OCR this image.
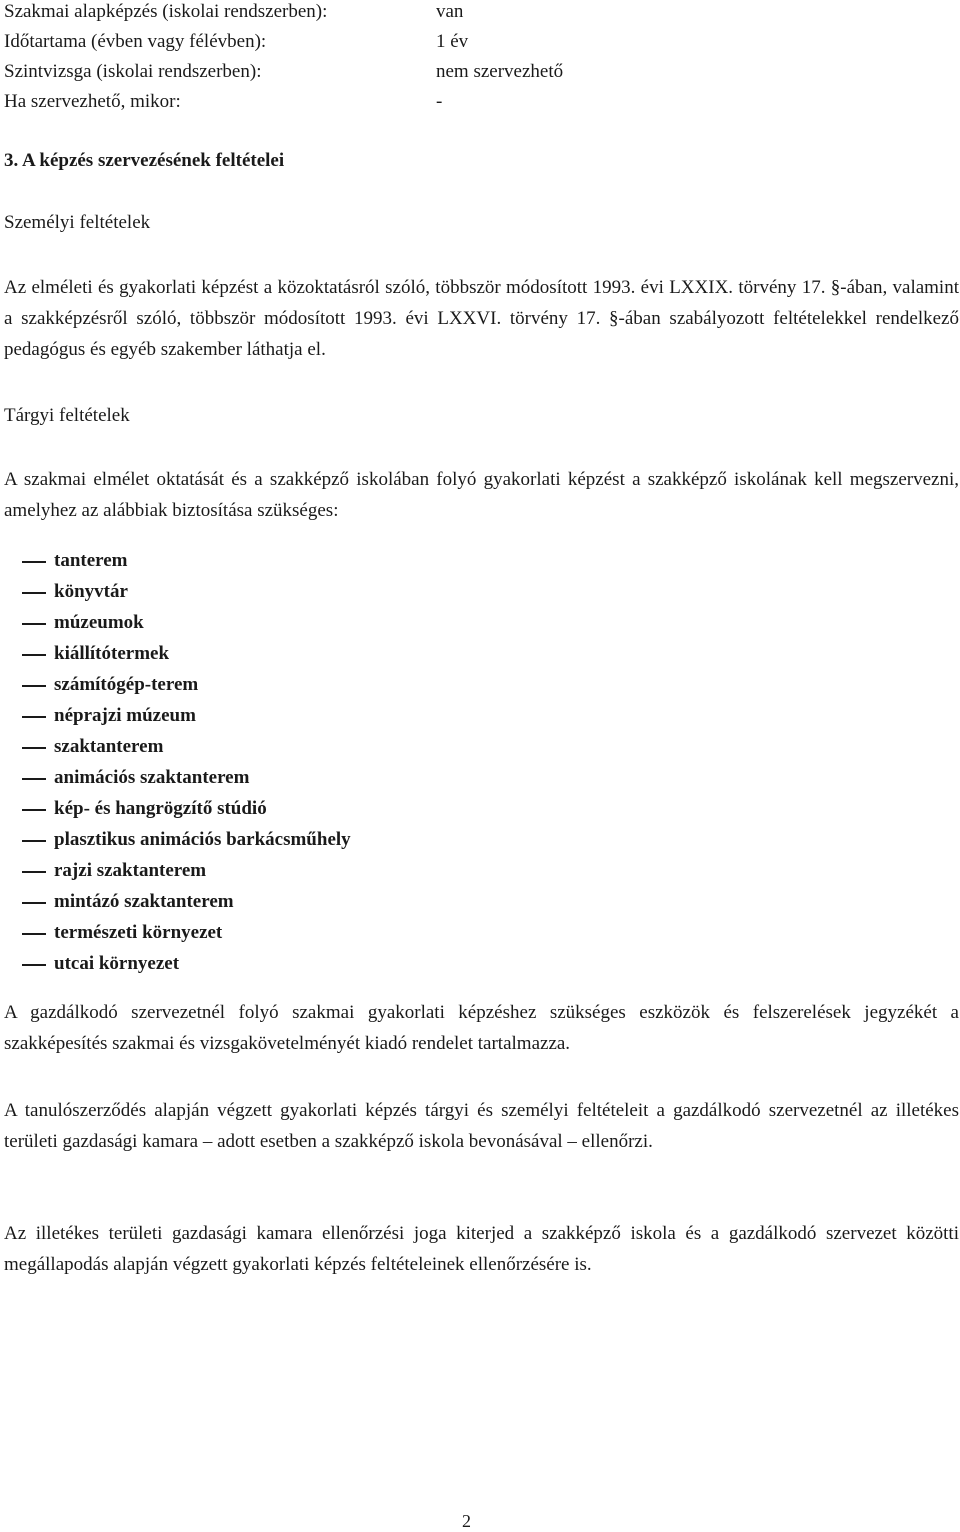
Szakmai alapképzés (iskolai rendszerben):	van
Időtartama (évben vagy félévben):	1 év
Szintvizsga (iskolai rendszerben):	nem szervezhető
Ha szervezhető, mikor:	-
3. A képzés szervezésének feltételei
Személyi feltételek
Az elméleti és gyakorlati képzést a közoktatásról szóló, többször módosított 1993. évi LXXIX. törvény 17. §-ában, valamint a szakképzésről szóló, többször módosított 1993. évi LXXVI. törvény 17. §-ában szabályozott feltételekkel rendelkező pedagógus és egyéb szakember láthatja el.
Tárgyi feltételek
A szakmai elmélet oktatását és a szakképző iskolában folyó gyakorlati képzést a szakképző iskolának kell megszervezni, amelyhez az alábbiak biztosítása szükséges:
tanterem
könyvtár
múzeumok
kiállítótermek
számítógép-terem
néprajzi múzeum
szaktanterem
animációs szaktanterem
kép- és hangrögzítő stúdió
plasztikus animációs barkácsműhely
rajzi szaktanterem
mintázó szaktanterem
természeti környezet
utcai környezet
A gazdálkodó szervezetnél folyó szakmai gyakorlati képzéshez szükséges eszközök és felszerelések jegyzékét a szakképesítés szakmai és vizsgakövetelményét kiadó rendelet tartalmazza.
A tanulószerződés alapján végzett gyakorlati képzés tárgyi és személyi feltételeit a gazdálkodó szervezetnél az illetékes területi gazdasági kamara – adott esetben a szakképző iskola bevonásával – ellenőrzi.
Az illetékes területi gazdasági kamara ellenőrzési joga kiterjed a szakképző iskola és a gazdálkodó szervezet közötti megállapodás alapján végzett gyakorlati képzés feltételeinek ellenőrzésére is.
2
